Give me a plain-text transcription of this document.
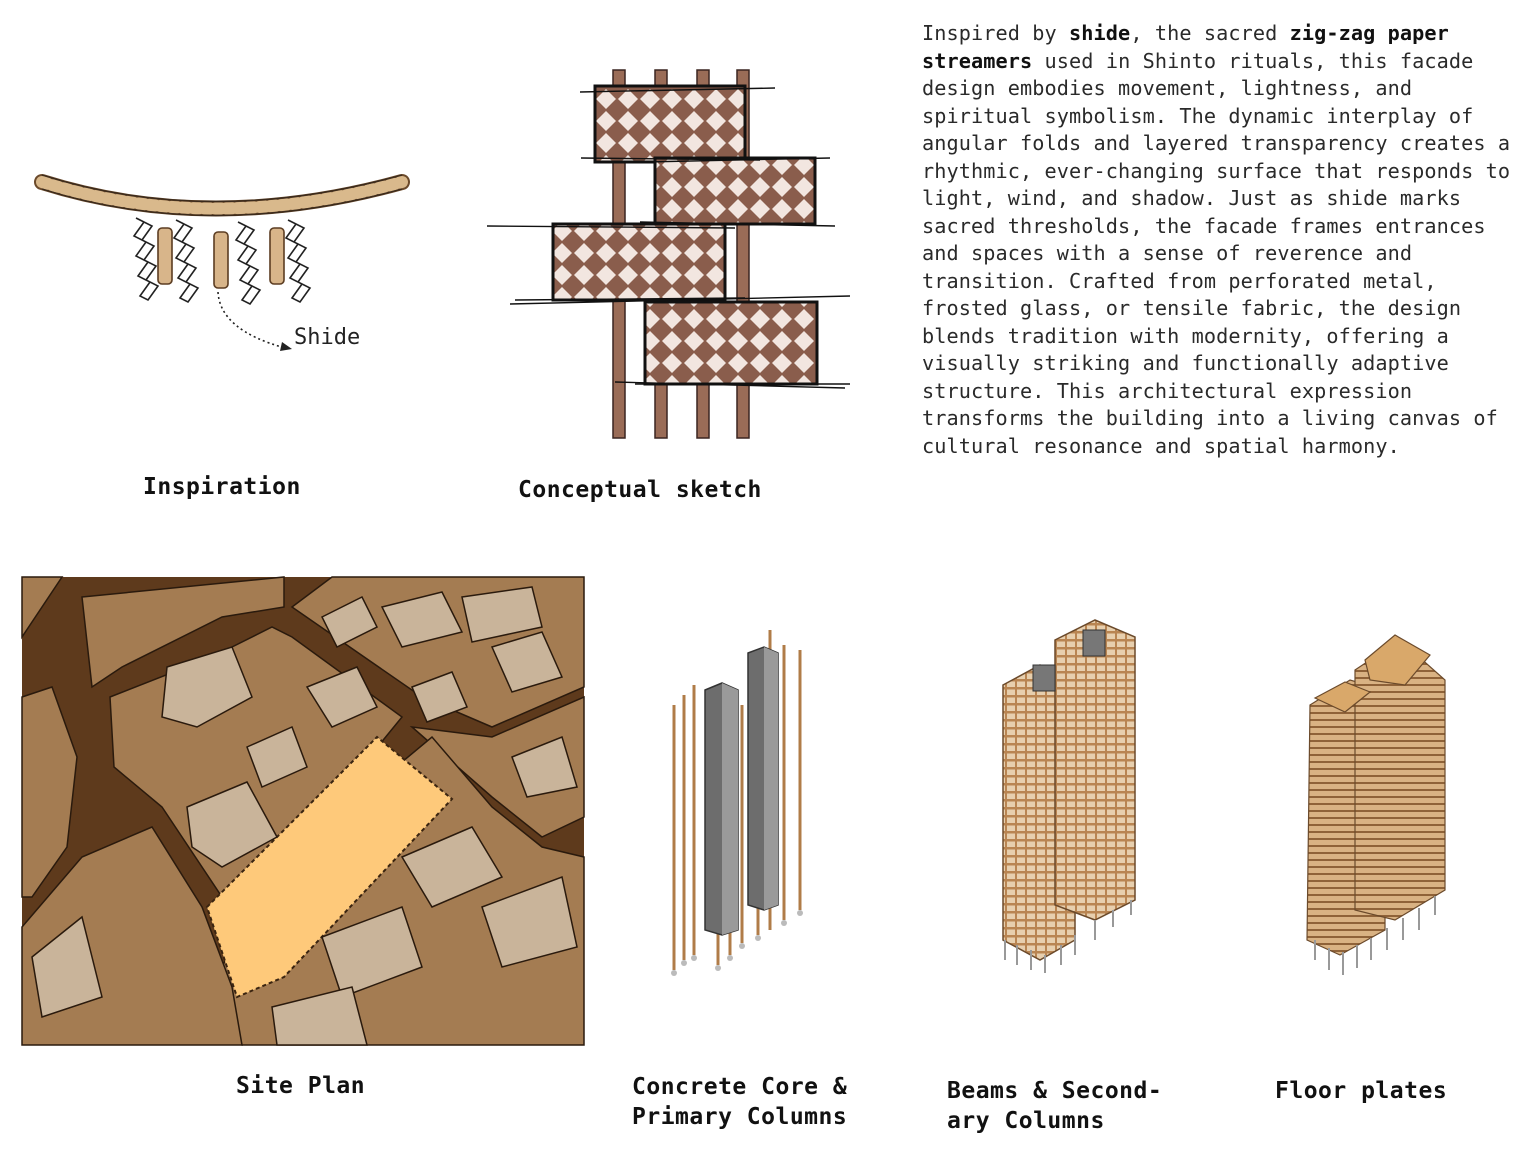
Inspired by shide, the sacred zig-zag paper streamers used in Shinto rituals, this facade design embodies movement, lightness, and spiritual symbolism. The dynamic interplay of angular folds and layered transparency creates a rhythmic, ever-changing surface that responds to light, wind, and shadow. Just as shide marks sacred thresholds, the facade frames entrances and spaces with a sense of reverence and transition. Crafted from perforated metal, frosted glass, or tensile fabric, the design blends tradition with modernity, offering a visually striking and functionally adaptive structure. This architectural expression transforms the building into a living canvas of cultural resonance and spatial harmony.
Shide
Inspiration	Conceptual sketch
Site Plan	Concrete Core &
Primary Columns
Beams & Second-
ary Columns
Floor plates
